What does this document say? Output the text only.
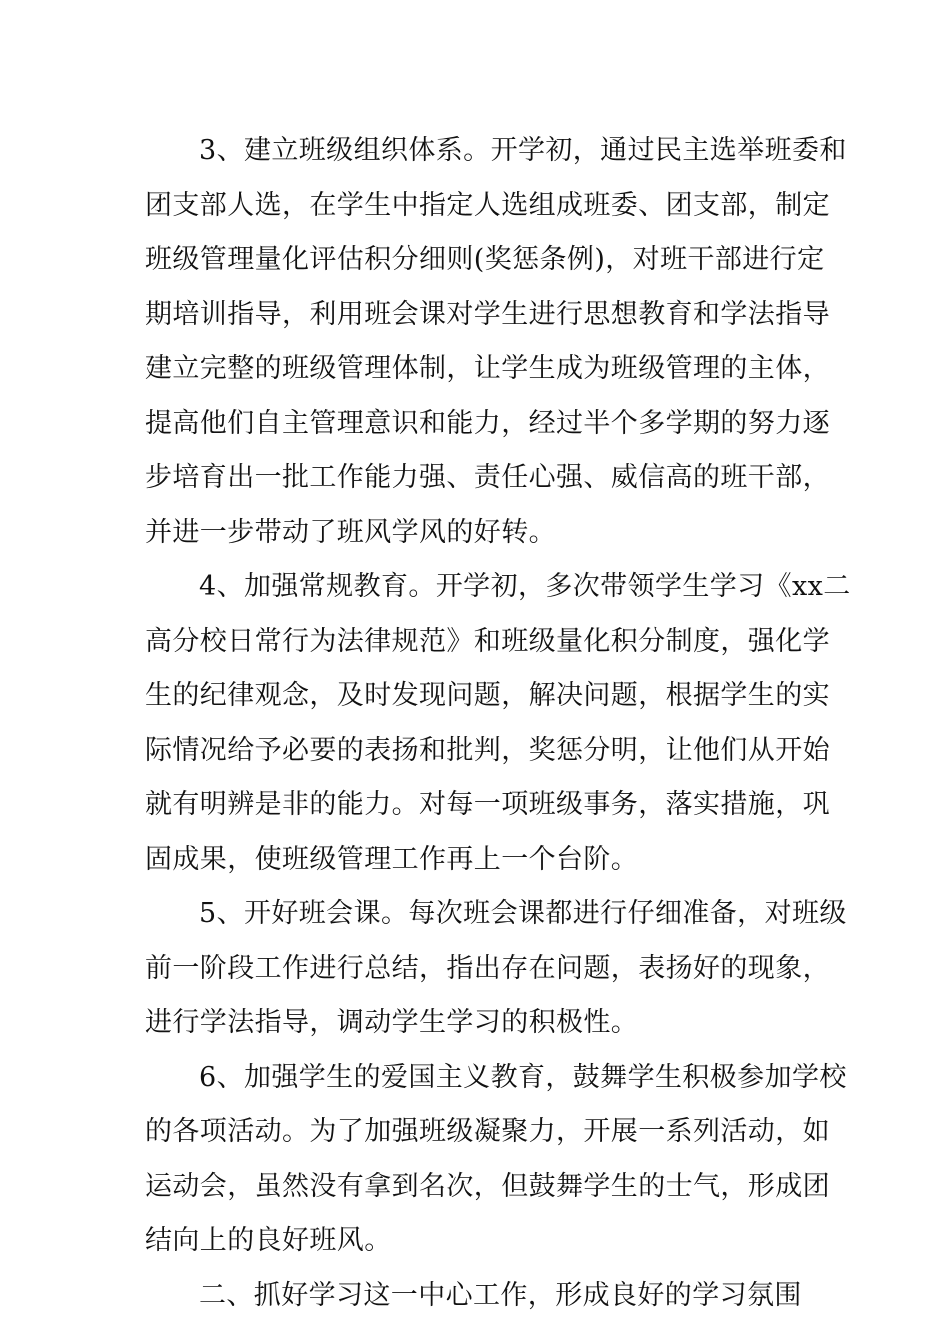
3、建立班级组织体系。开学初，通过民主选举班委和
团支部人选，在学生中指定人选组成班委、团支部，制定
班级管理量化评估积分细则(奖惩条例)，对班干部进行定
期培训指导，利用班会课对学生进行思想教育和学法指导
建立完整的班级管理体制，让学生成为班级管理的主体，
提高他们自主管理意识和能力，经过半个多学期的努力逐
步培育出一批工作能力强、责任心强、威信高的班干部，
并进一步带动了班风学风的好转。

4、加强常规教育。开学初，多次带领学生学习《xx二
高分校日常行为法律规范》和班级量化积分制度，强化学
生的纪律观念，及时发现问题，解决问题，根据学生的实
际情况给予必要的表扬和批判，奖惩分明，让他们从开始
就有明辨是非的能力。对每一项班级事务，落实措施，巩
固成果，使班级管理工作再上一个台阶。

5、开好班会课。每次班会课都进行仔细准备，对班级
前一阶段工作进行总结，指出存在问题，表扬好的现象，
进行学法指导，调动学生学习的积极性。

6、加强学生的爱国主义教育，鼓舞学生积极参加学校
的各项活动。为了加强班级凝聚力，开展一系列活动，如
运动会，虽然没有拿到名次，但鼓舞学生的士气，形成团
结向上的良好班风。

二、抓好学习这一中心工作，形成良好的学习氛围
